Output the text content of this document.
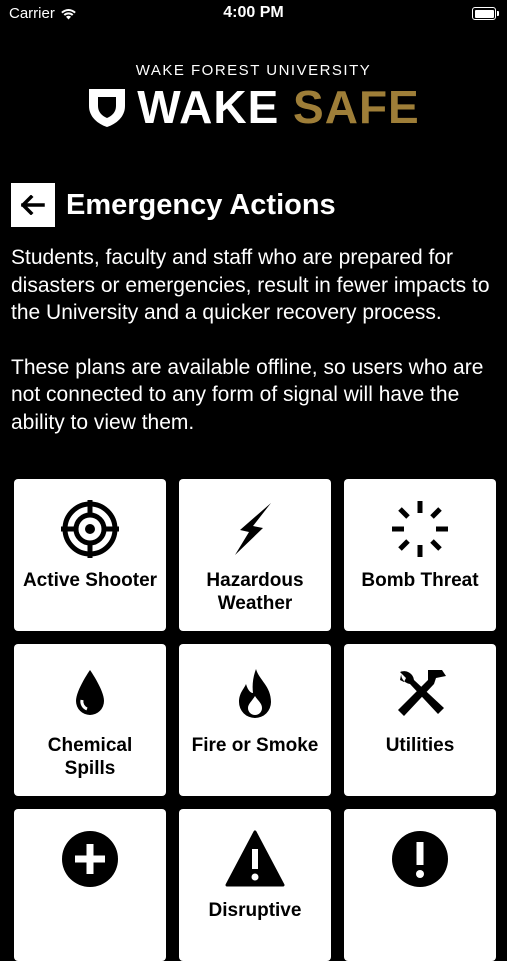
Carrier	4:00 PM
WAKE FOREST UNIVERSITY
WAKE SAFE
Emergency Actions

Students, faculty and staff who are prepared for disasters or emergencies, result in fewer impacts to the University and a quicker recovery process.

These plans are available offline, so users who are not connected to any form of signal will have the ability to view them.

Active Shooter	Hazardous Weather
Bomb Threat
Chemical Spills
Fire or Smoke	Utilities
Disruptive
